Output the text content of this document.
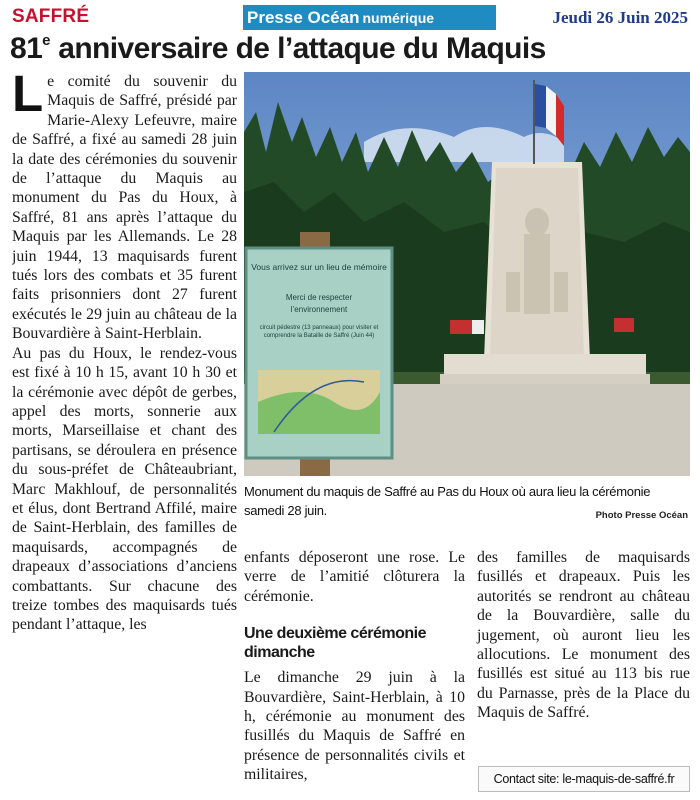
SAFFRÉ	Presse Océan numérique	Jeudi 26 Juin 2025
81e anniversaire de l’attaque du Maquis

Le comité du souvenir du Maquis de Saffré, présidé par Marie-Alexy Lefeuvre, maire de Saffré, a fixé au samedi 28 juin la date des cérémonies du souvenir de l’attaque du Maquis au monument du Pas du Houx, à Saffré, 81 ans après l’attaque du Maquis par les Allemands. Le 28 juin 1944, 13 maquisards furent tués lors des combats et 35 furent faits prisonniers dont 27 furent exécutés le 29 juin au château de la Bouvardière à Saint-Herblain.

Au pas du Houx, le rendez-vous est fixé à 10 h 15, avant 10 h 30 et la cérémonie avec dépôt de gerbes, appel des morts, sonnerie aux morts, Marseillaise et chant des partisans, se déroulera en présence du sous-préfet de Châteaubriant, Marc Makhlouf, de personnalités et élus, dont Bertrand Affilé, maire de Saint-Herblain, des familles de maquisards, accompagnés de drapeaux d’associations d’anciens combattants. Sur chacune des treize tombes des maquisards tués pendant l’attaque, les

Vous arrivez sur un lieu de mémoire
Merci de respecter
l’environnement
circuit pédestre (13 panneaux) pour visiter et comprendre la Bataille de Saffré (Juin 44)
Monument du maquis de Saffré au Pas du Houx où aura lieu la cérémonie samedi 28 juin.	Photo Presse Océan

enfants déposeront une rose. Le verre de l’amitié clôturera la cérémonie.

Une deuxième cérémonie dimanche

Le dimanche 29 juin à la Bouvardière, Saint-Herblain, à 10 h, cérémonie au monument des fusillés du Maquis de Saffré en présence de personnalités civils et militaires,

des familles de maquisards fusillés et drapeaux. Puis les autorités se rendront au château de la Bouvardière, salle du jugement, où auront lieu les allocutions. Le monument des fusillés est situé au 113 bis rue du Parnasse, près de la Place du Maquis de Saffré.

Contact site: le-maquis-de-saffré.fr
